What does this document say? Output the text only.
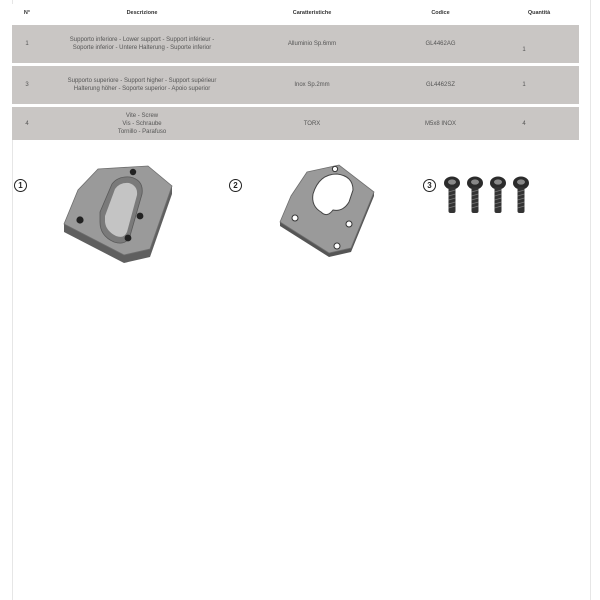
N°	Descrizione	Caratteristiche	Codice	Quantità
1	Supporto inferiore - Lower support - Support inférieur -
Soporte inferior - Untere Halterung - Suporte inferior	Alluminio Sp.6mm	GL4462AG	1
3	Supporto superiore - Support higher - Support supérieur
Halterung höher - Soporte superior - Apoio superior	Inox Sp.2mm	GL4462SZ	1
4	Vite - Screw
Vis - Schraube
Tornillo - Parafuso	TORX	M5x8 INOX	4
1	2	3
